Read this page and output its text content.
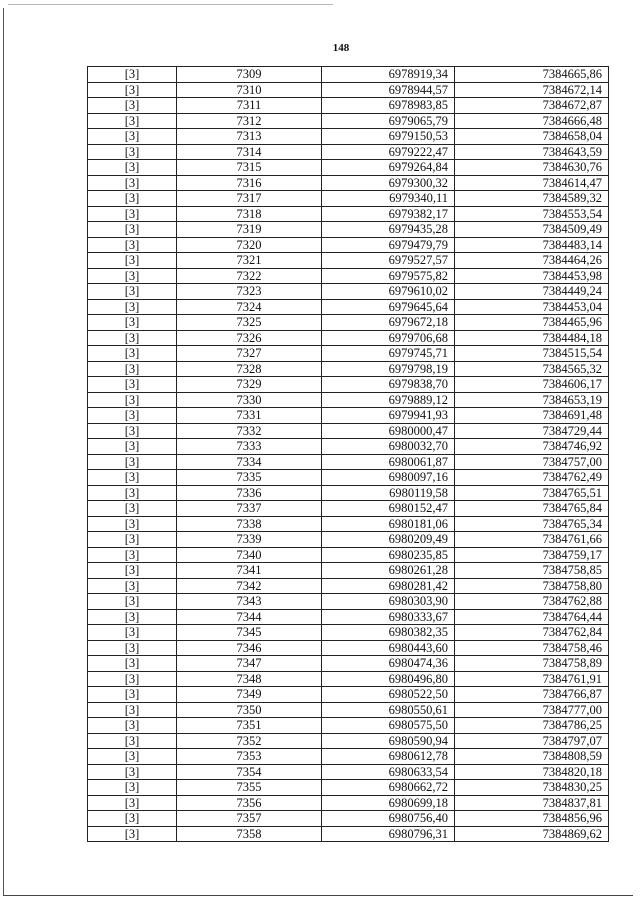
148
[3]	7309	6978919,34	7384665,86
[3]	7310	6978944,57	7384672,14
[3]	7311	6978983,85	7384672,87
[3]	7312	6979065,79	7384666,48
[3]	7313	6979150,53	7384658,04
[3]	7314	6979222,47	7384643,59
[3]	7315	6979264,84	7384630,76
[3]	7316	6979300,32	7384614,47
[3]	7317	6979340,11	7384589,32
[3]	7318	6979382,17	7384553,54
[3]	7319	6979435,28	7384509,49
[3]	7320	6979479,79	7384483,14
[3]	7321	6979527,57	7384464,26
[3]	7322	6979575,82	7384453,98
[3]	7323	6979610,02	7384449,24
[3]	7324	6979645,64	7384453,04
[3]	7325	6979672,18	7384465,96
[3]	7326	6979706,68	7384484,18
[3]	7327	6979745,71	7384515,54
[3]	7328	6979798,19	7384565,32
[3]	7329	6979838,70	7384606,17
[3]	7330	6979889,12	7384653,19
[3]	7331	6979941,93	7384691,48
[3]	7332	6980000,47	7384729,44
[3]	7333	6980032,70	7384746,92
[3]	7334	6980061,87	7384757,00
[3]	7335	6980097,16	7384762,49
[3]	7336	6980119,58	7384765,51
[3]	7337	6980152,47	7384765,84
[3]	7338	6980181,06	7384765,34
[3]	7339	6980209,49	7384761,66
[3]	7340	6980235,85	7384759,17
[3]	7341	6980261,28	7384758,85
[3]	7342	6980281,42	7384758,80
[3]	7343	6980303,90	7384762,88
[3]	7344	6980333,67	7384764,44
[3]	7345	6980382,35	7384762,84
[3]	7346	6980443,60	7384758,46
[3]	7347	6980474,36	7384758,89
[3]	7348	6980496,80	7384761,91
[3]	7349	6980522,50	7384766,87
[3]	7350	6980550,61	7384777,00
[3]	7351	6980575,50	7384786,25
[3]	7352	6980590,94	7384797,07
[3]	7353	6980612,78	7384808,59
[3]	7354	6980633,54	7384820,18
[3]	7355	6980662,72	7384830,25
[3]	7356	6980699,18	7384837,81
[3]	7357	6980756,40	7384856,96
[3]	7358	6980796,31	7384869,62
